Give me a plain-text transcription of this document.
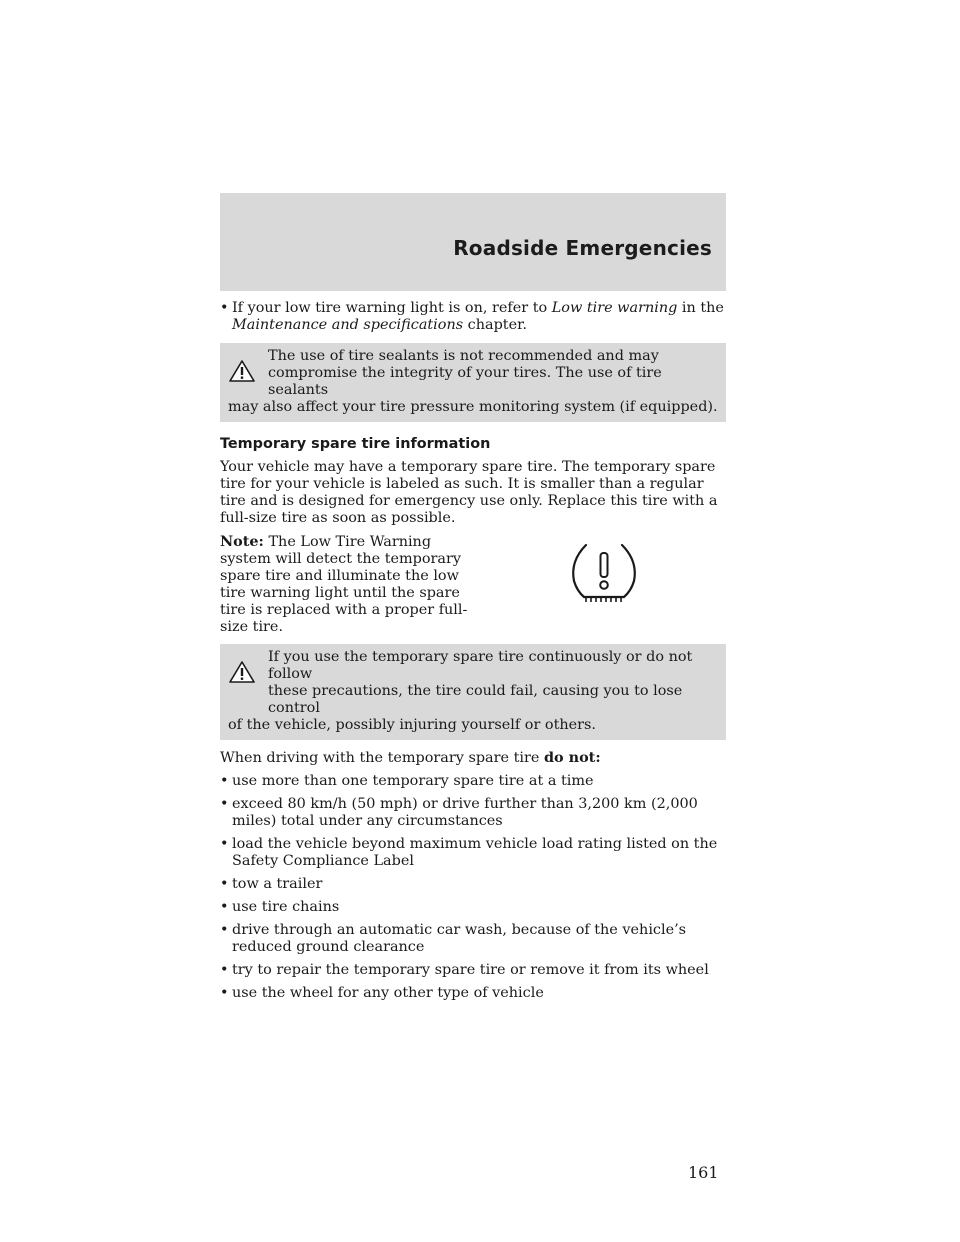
Roadside Emergencies
• If your low tire warning light is on, refer to Low tire warning in the Maintenance and specifications chapter.
The use of tire sealants is not recommended and may
compromise the integrity of your tires. The use of tire sealants
may also affect your tire pressure monitoring system (if equipped).
Temporary spare tire information

Your vehicle may have a temporary spare tire. The temporary spare tire for your vehicle is labeled as such. It is smaller than a regular tire and is designed for emergency use only. Replace this tire with a full-size tire as soon as possible.

Note: The Low Tire Warning system will detect the temporary spare tire and illuminate the low tire warning light until the spare tire is replaced with a proper full-size tire.
If you use the temporary spare tire continuously or do not follow
these precautions, the tire could fail, causing you to lose control
of the vehicle, possibly injuring yourself or others.

When driving with the temporary spare tire do not:

• use more than one temporary spare tire at a time
• exceed 80 km/h (50 mph) or drive further than 3,200 km (2,000 miles) total under any circumstances
• load the vehicle beyond maximum vehicle load rating listed on the Safety Compliance Label
• tow a trailer
• use tire chains
• drive through an automatic car wash, because of the vehicle’s reduced ground clearance
• try to repair the temporary spare tire or remove it from its wheel
• use the wheel for any other type of vehicle
161
